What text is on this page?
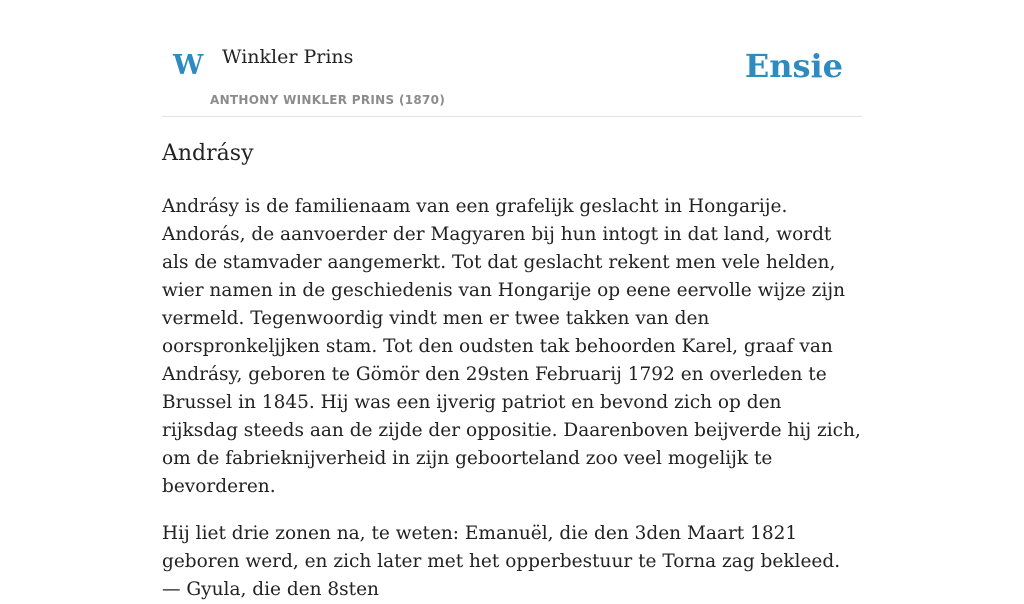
W Winkler Prins
ANTHONY WINKLER PRINS (1870)
Ensie
Andrásy

Andrásy is de familienaam van een grafelijk geslacht in Hongarije. Andorás, de aanvoerder der Magyaren bij hun intogt in dat land, wordt als de stamvader aangemerkt. Tot dat geslacht rekent men vele helden, wier namen in de geschiedenis van Hongarije op eene eervolle wijze zijn vermeld. Tegenwoordig vindt men er twee takken van den oorspronkeljjken stam. Tot den oudsten tak behoorden Karel, graaf van Andrásy, geboren te Gömör den 29sten Februarij 1792 en overleden te Brussel in 1845. Hij was een ijverig patriot en bevond zich op den rijksdag steeds aan de zijde der oppositie. Daarenboven beijverde hij zich, om de fabrieknijverheid in zijn geboorteland zoo veel mogelijk te bevorderen.

Hij liet drie zonen na, te weten: Emanuël, die den 3den Maart 1821 geboren werd, en zich later met het opperbestuur te Torna zag bekleed. — Gyula, die den 8sten
